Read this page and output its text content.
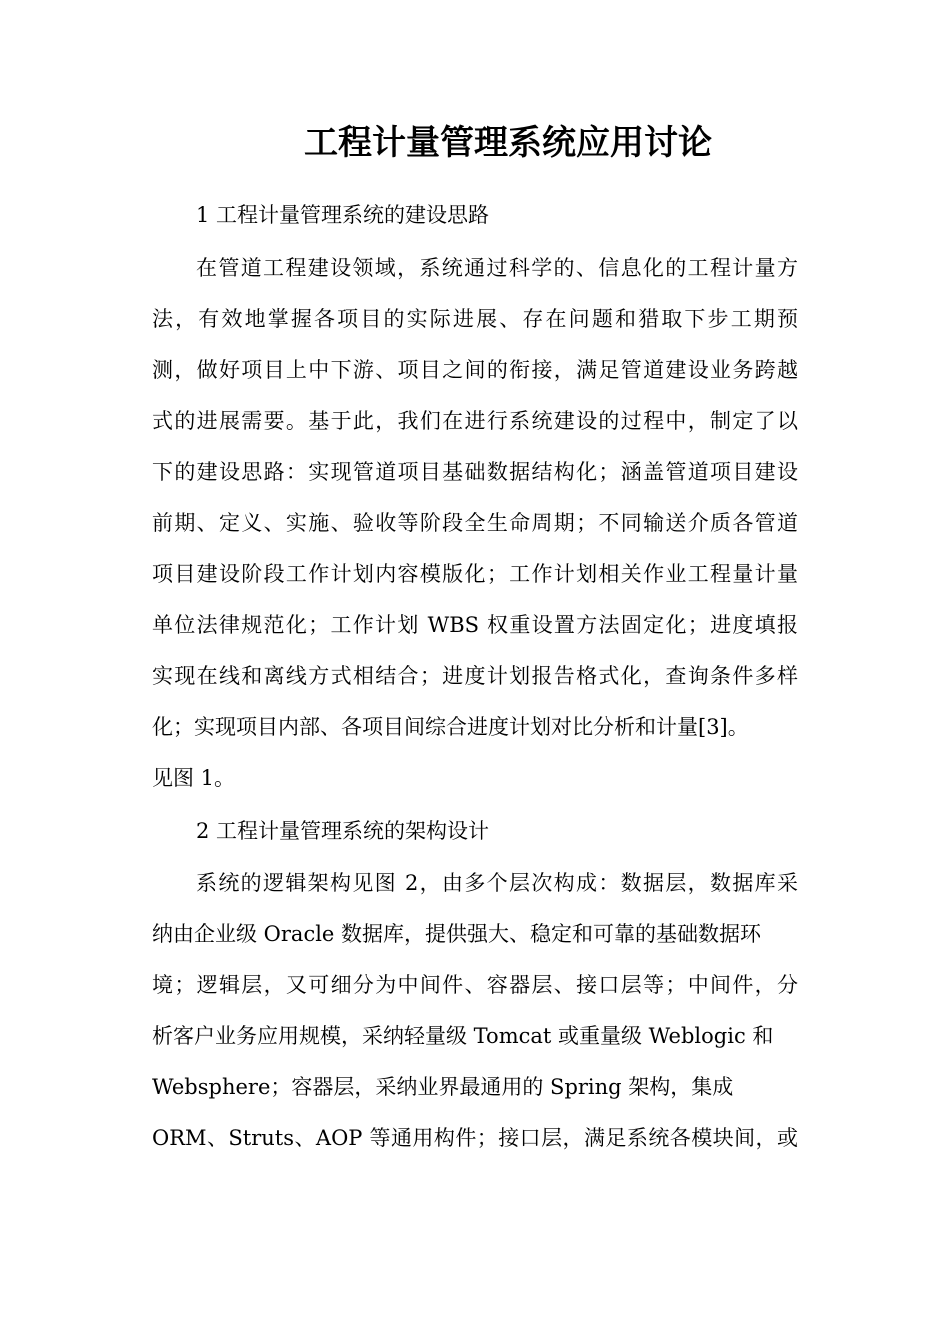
工程计量管理系统应用讨论

1 工程计量管理系统的建设思路

在管道工程建设领域，系统通过科学的、信息化的工程计量方

法，有效地掌握各项目的实际进展、存在问题和猎取下步工期预

测，做好项目上中下游、项目之间的衔接，满足管道建设业务跨越

式的进展需要。基于此，我们在进行系统建设的过程中，制定了以

下的建设思路：实现管道项目基础数据结构化；涵盖管道项目建设

前期、定义、实施、验收等阶段全生命周期；不同输送介质各管道

项目建设阶段工作计划内容模版化；工作计划相关作业工程量计量

单位法律规范化；工作计划 WBS 权重设置方法固定化；进度填报

实现在线和离线方式相结合；进度计划报告格式化，查询条件多样

化；实现项目内部、各项目间综合进度计划对比分析和计量[3]。

见图 1。

2 工程计量管理系统的架构设计

系统的逻辑架构见图 2，由多个层次构成：数据层，数据库采

纳由企业级 Oracle 数据库，提供强大、稳定和可靠的基础数据环

境；逻辑层，又可细分为中间件、容器层、接口层等；中间件，分

析客户业务应用规模，采纳轻量级 Tomcat 或重量级 Weblogic 和

Websphere；容器层，采纳业界最通用的 Spring 架构，集成

ORM、Struts、AOP 等通用构件；接口层，满足系统各模块间，或
